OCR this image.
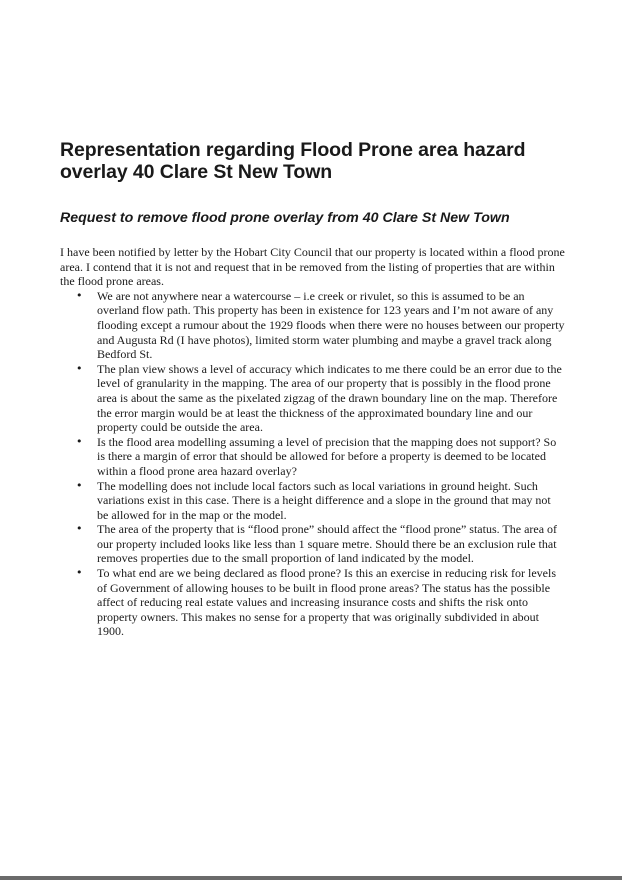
Representation regarding Flood Prone area hazard overlay 40 Clare St New Town
Request to remove flood prone overlay from 40 Clare St New Town

I have been notified by letter by the Hobart City Council that our property is located within a flood prone area. I contend that it is not and request that in be removed from the listing of properties that are within the flood prone areas.

• We are not anywhere near a watercourse – i.e creek or rivulet, so this is assumed to be an overland flow path. This property has been in existence for 123 years and I’m not aware of any flooding except a rumour about the 1929 floods when there were no houses between our property and Augusta Rd (I have photos), limited storm water plumbing and maybe a gravel track along Bedford St.
• The plan view shows a level of accuracy which indicates to me there could be an error due to the level of granularity in the mapping. The area of our property that is possibly in the flood prone area is about the same as the pixelated zigzag of the drawn boundary line on the map. Therefore the error margin would be at least the thickness of the approximated boundary line and our property could be outside the area.
• Is the flood area modelling assuming a level of precision that the mapping does not support? So is there a margin of error that should be allowed for before a property is deemed to be located within a flood prone area hazard overlay?
• The modelling does not include local factors such as local variations in ground height. Such variations exist in this case. There is a height difference and a slope in the ground that may not be allowed for in the map or the model.
• The area of the property that is “flood prone” should affect the “flood prone” status. The area of our property included looks like less than 1 square metre. Should there be an exclusion rule that removes properties due to the small proportion of land indicated by the model.
• To what end are we being declared as flood prone? Is this an exercise in reducing risk for levels of Government of allowing houses to be built in flood prone areas? The status has the possible affect of reducing real estate values and increasing insurance costs and shifts the risk onto property owners. This makes no sense for a property that was originally subdivided in about 1900.
